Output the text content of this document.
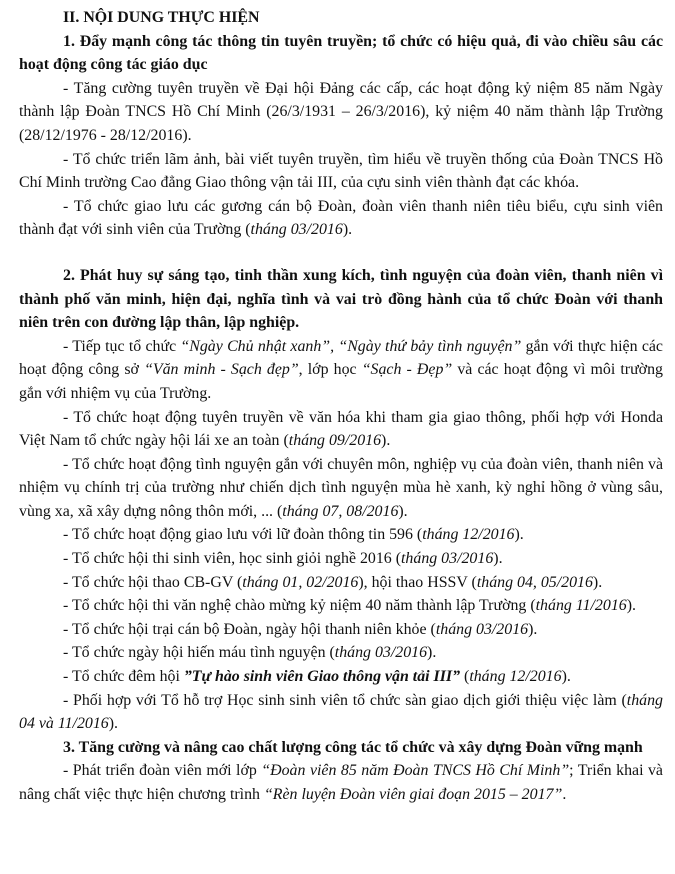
II. NỘI DUNG THỰC HIỆN
1. Đẩy mạnh công tác thông tin tuyên truyền; tổ chức có hiệu quả, đi vào chiều sâu các hoạt động công tác giáo dục
- Tăng cường tuyên truyền về Đại hội Đảng các cấp, các hoạt động kỷ niệm 85 năm Ngày thành lập Đoàn TNCS Hồ Chí Minh (26/3/1931 – 26/3/2016), kỷ niệm 40 năm thành lập Trường (28/12/1976 - 28/12/2016).
- Tổ chức triển lãm ảnh, bài viết tuyên truyền, tìm hiểu về truyền thống của Đoàn TNCS Hồ Chí Minh trường Cao đẳng Giao thông vận tải III, của cựu sinh viên thành đạt các khóa.
- Tổ chức giao lưu các gương cán bộ Đoàn, đoàn viên thanh niên tiêu biểu, cựu sinh viên thành đạt với sinh viên của Trường (tháng 03/2016).
2. Phát huy sự sáng tạo, tinh thần xung kích, tình nguyện của đoàn viên, thanh niên vì thành phố văn minh, hiện đại, nghĩa tình và vai trò đồng hành của tổ chức Đoàn với thanh niên trên con đường lập thân, lập nghiệp.
- Tiếp tục tổ chức “Ngày Chủ nhật xanh”, “Ngày thứ bảy tình nguyện” gắn với thực hiện các hoạt động công sở “Văn minh - Sạch đẹp”, lớp học “Sạch - Đẹp” và các hoạt động vì môi trường gắn với nhiệm vụ của Trường.
- Tổ chức hoạt động tuyên truyền về văn hóa khi tham gia giao thông, phối hợp với Honda Việt Nam tổ chức ngày hội lái xe an toàn (tháng 09/2016).
- Tổ chức hoạt động tình nguyện gắn với chuyên môn, nghiệp vụ của đoàn viên, thanh niên và nhiệm vụ chính trị của trường như chiến dịch tình nguyện mùa hè xanh, kỳ nghỉ hồng ở vùng sâu, vùng xa, xã xây dựng nông thôn mới, ... (tháng 07, 08/2016).
- Tổ chức hoạt động giao lưu với lữ đoàn thông tin 596 (tháng 12/2016).
- Tổ chức hội thi sinh viên, học sinh giỏi nghề 2016 (tháng 03/2016).
- Tổ chức hội thao CB-GV (tháng 01, 02/2016), hội thao HSSV (tháng 04, 05/2016).
- Tổ chức hội thi văn nghệ chào mừng kỷ niệm 40 năm thành lập Trường (tháng 11/2016).
- Tổ chức hội trại cán bộ Đoàn, ngày hội thanh niên khỏe (tháng 03/2016).
- Tổ chức ngày hội hiến máu tình nguyện (tháng 03/2016).
- Tổ chức đêm hội ”Tự hào sinh viên Giao thông vận tải III” (tháng 12/2016).
- Phối hợp với Tổ hỗ trợ Học sinh sinh viên tổ chức sàn giao dịch giới thiệu việc làm (tháng 04 và 11/2016).
3. Tăng cường và nâng cao chất lượng công tác tổ chức và xây dựng Đoàn vững mạnh
- Phát triển đoàn viên mới lớp “Đoàn viên 85 năm Đoàn TNCS Hồ Chí Minh”; Triển khai và nâng chất việc thực hiện chương trình “Rèn luyện Đoàn viên giai đoạn 2015 – 2017”.
